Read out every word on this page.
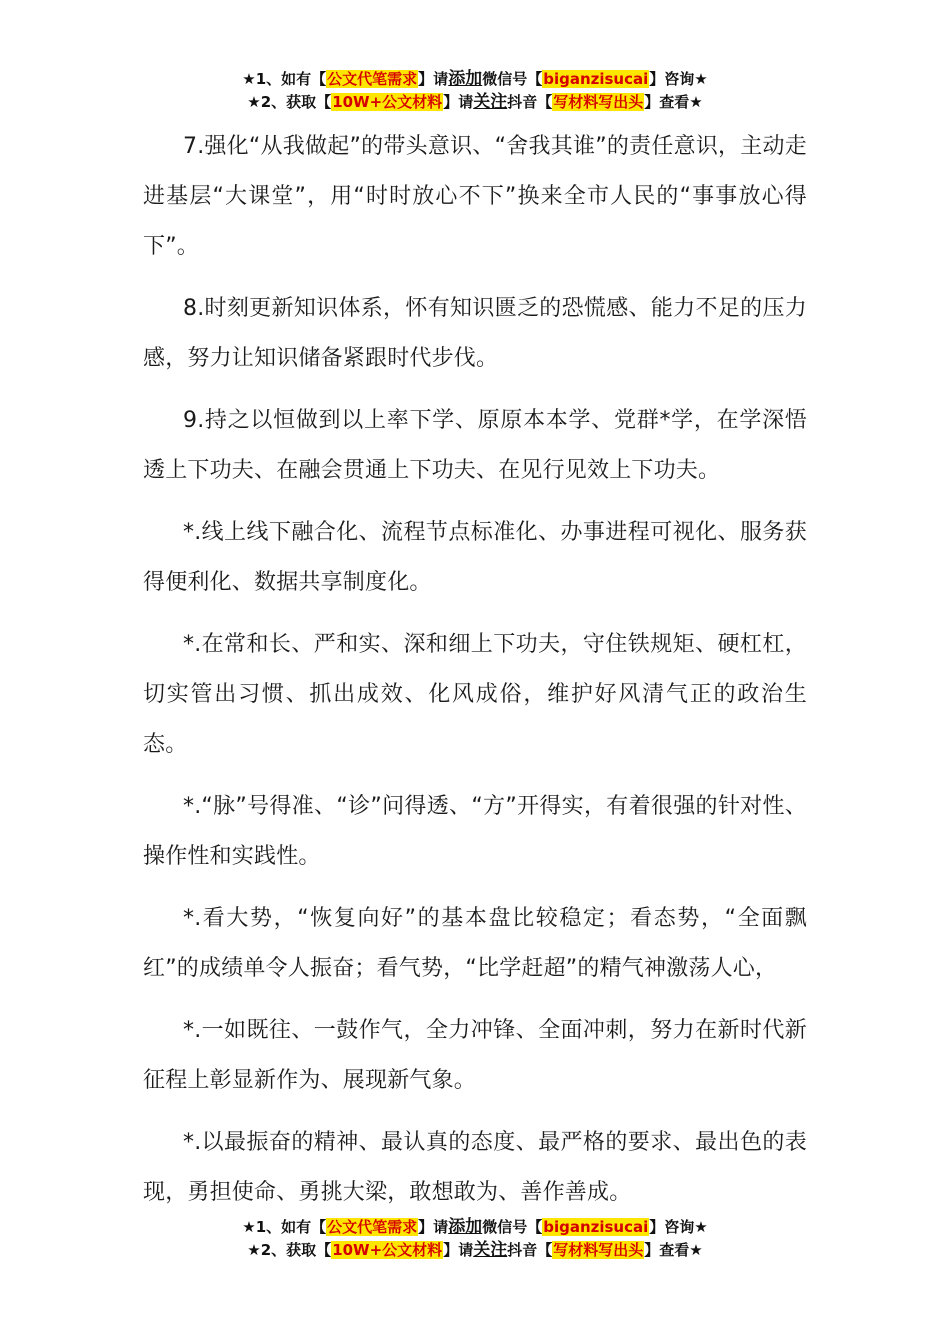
★1、如有【公文代笔需求】请添加微信号【biganzisucai】咨询★
★2、获取【10W+公文材料】请关注抖音【写材料写出头】查看★

7.强化“从我做起”的带头意识、“舍我其谁”的责任意识，主动走进基层“大课堂”，用“时时放心不下”换来全市人民的“事事放心得下”。

8.时刻更新知识体系，怀有知识匮乏的恐慌感、能力不足的压力感，努力让知识储备紧跟时代步伐。

9.持之以恒做到以上率下学、原原本本学、党群*学，在学深悟透上下功夫、在融会贯通上下功夫、在见行见效上下功夫。

*.线上线下融合化、流程节点标准化、办事进程可视化、服务获得便利化、数据共享制度化。

*.在常和长、严和实、深和细上下功夫，守住铁规矩、硬杠杠，切实管出习惯、抓出成效、化风成俗，维护好风清气正的政治生态。

*.“脉”号得准、“诊”问得透、“方”开得实，有着很强的针对性、操作性和实践性。

*.看大势，“恢复向好”的基本盘比较稳定；看态势，“全面飘红”的成绩单令人振奋；看气势，“比学赶超”的精气神激荡人心，

*.一如既往、一鼓作气，全力冲锋、全面冲刺，努力在新时代新征程上彰显新作为、展现新气象。

*.以最振奋的精神、最认真的态度、最严格的要求、最出色的表现，勇担使命、勇挑大梁，敢想敢为、善作善成。

★1、如有【公文代笔需求】请添加微信号【biganzisucai】咨询★
★2、获取【10W+公文材料】请关注抖音【写材料写出头】查看★
